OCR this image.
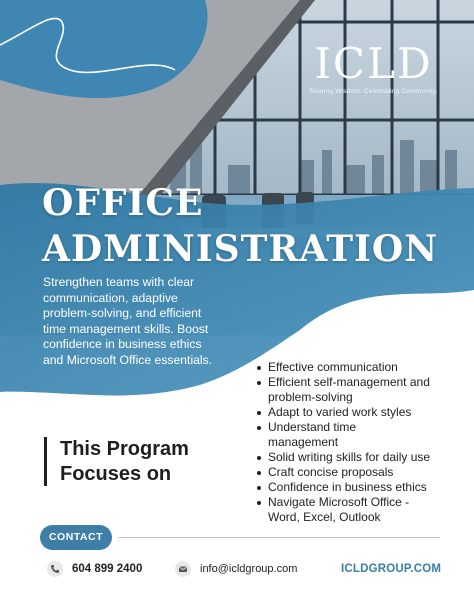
ICLD
Sharing Wisdom. Celebrating Community.
OFFICE
ADMINISTRATION
Strengthen teams with clear
communication, adaptive
problem-solving, and efficient
time management skills. Boost
confidence in business ethics
and Microsoft Office essentials.
This Program
Focuses on
Effective communication
Efficient self-management and
problem-solving
Adapt to varied work styles
Understand time
management
Solid writing skills for daily use
Craft concise proposals
Confidence in business ethics
Navigate Microsoft Office -
Word, Excel, Outlook
CONTACT
604 899 2400	info@icldgroup.com	ICLDGROUP.COM
